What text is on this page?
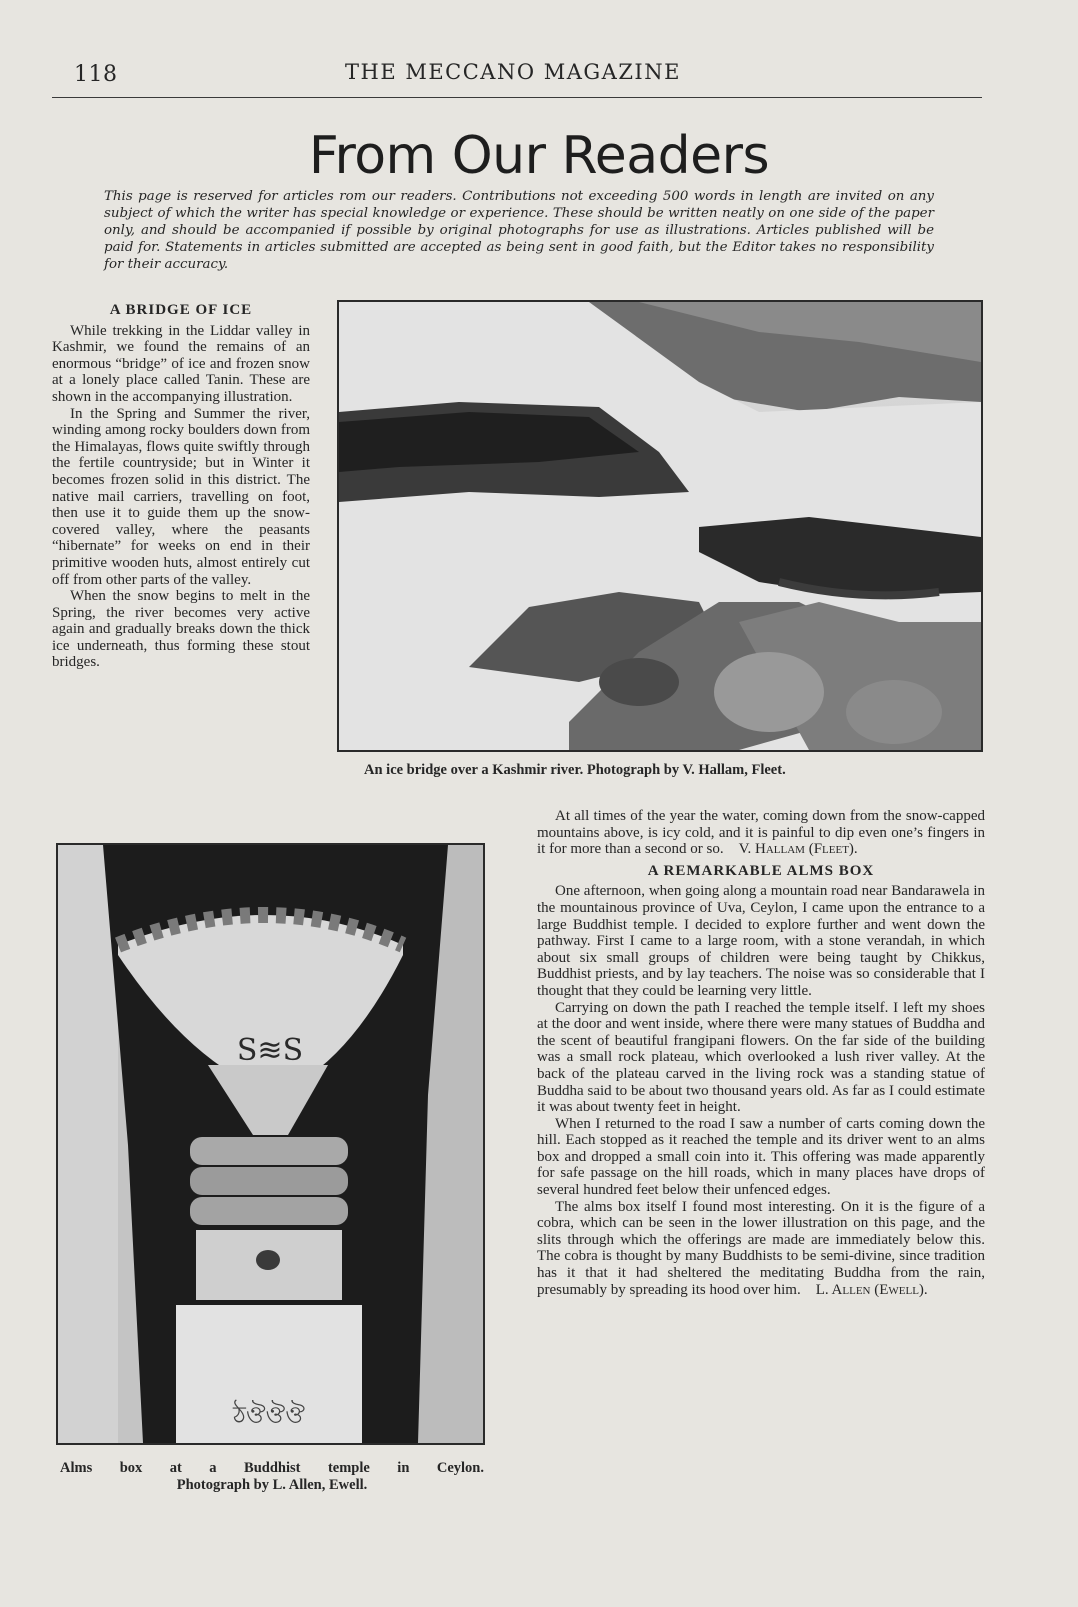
118	THE MECCANO MAGAZINE
From Our Readers
This page is reserved for articles rom our readers. Contributions not exceeding 500 words in length are invited on any subject of which the writer has special knowledge or experience. These should be written neatly on one side of the paper only, and should be accompanied if possible by original photographs for use as illustrations. Articles published will be paid for. Statements in articles submitted are accepted as being sent in good faith, but the Editor takes no responsibility for their accuracy.
A BRIDGE OF ICE

While trekking in the Liddar valley in Kashmir, we found the remains of an enormous “bridge” of ice and frozen snow at a lonely place called Tanin. These are shown in the accompanying illustration.

In the Spring and Summer the river, winding among rocky boulders down from the Himalayas, flows quite swiftly through the fertile countryside; but in Winter it becomes frozen solid in this district. The native mail carriers, travelling on foot, then use it to guide them up the snow-covered valley, where the peasants “hibernate” for weeks on end in their primitive wooden huts, almost entirely cut off from other parts of the valley.

When the snow begins to melt in the Spring, the river becomes very active again and gradually breaks down the thick ice underneath, thus forming these stout bridges.

An ice bridge over a Kashmir river. Photograph by V. Hallam, Fleet.
S≋S
ঠঔঔঔ
Alms box at a Buddhist temple in Ceylon.
Photograph by L. Allen, Ewell.

At all times of the year the water, coming down from the snow-capped mountains above, is icy cold, and it is painful to dip even one’s fingers in it for more than a second or so. V. Hallam (Fleet).

A REMARKABLE ALMS BOX

One afternoon, when going along a mountain road near Bandarawela in the mountainous province of Uva, Ceylon, I came upon the entrance to a large Buddhist temple. I decided to explore further and went down the pathway. First I came to a large room, with a stone verandah, in which about six small groups of children were being taught by Chikkus, Buddhist priests, and by lay teachers. The noise was so considerable that I thought that they could be learning very little.

Carrying on down the path I reached the temple itself. I left my shoes at the door and went inside, where there were many statues of Buddha and the scent of beautiful frangipani flowers. On the far side of the building was a small rock plateau, which overlooked a lush river valley. At the back of the plateau carved in the living rock was a standing statue of Buddha said to be about two thousand years old. As far as I could estimate it was about twenty feet in height.

When I returned to the road I saw a number of carts coming down the hill. Each stopped as it reached the temple and its driver went to an alms box and dropped a small coin into it. This offering was made apparently for safe passage on the hill roads, which in many places have drops of several hundred feet below their unfenced edges.

The alms box itself I found most interesting. On it is the figure of a cobra, which can be seen in the lower illustration on this page, and the slits through which the offerings are made are immediately below this. The cobra is thought by many Buddhists to be semi-divine, since tradition has it that it had sheltered the meditating Buddha from the rain, presumably by spreading its hood over him. L. Allen (Ewell).
